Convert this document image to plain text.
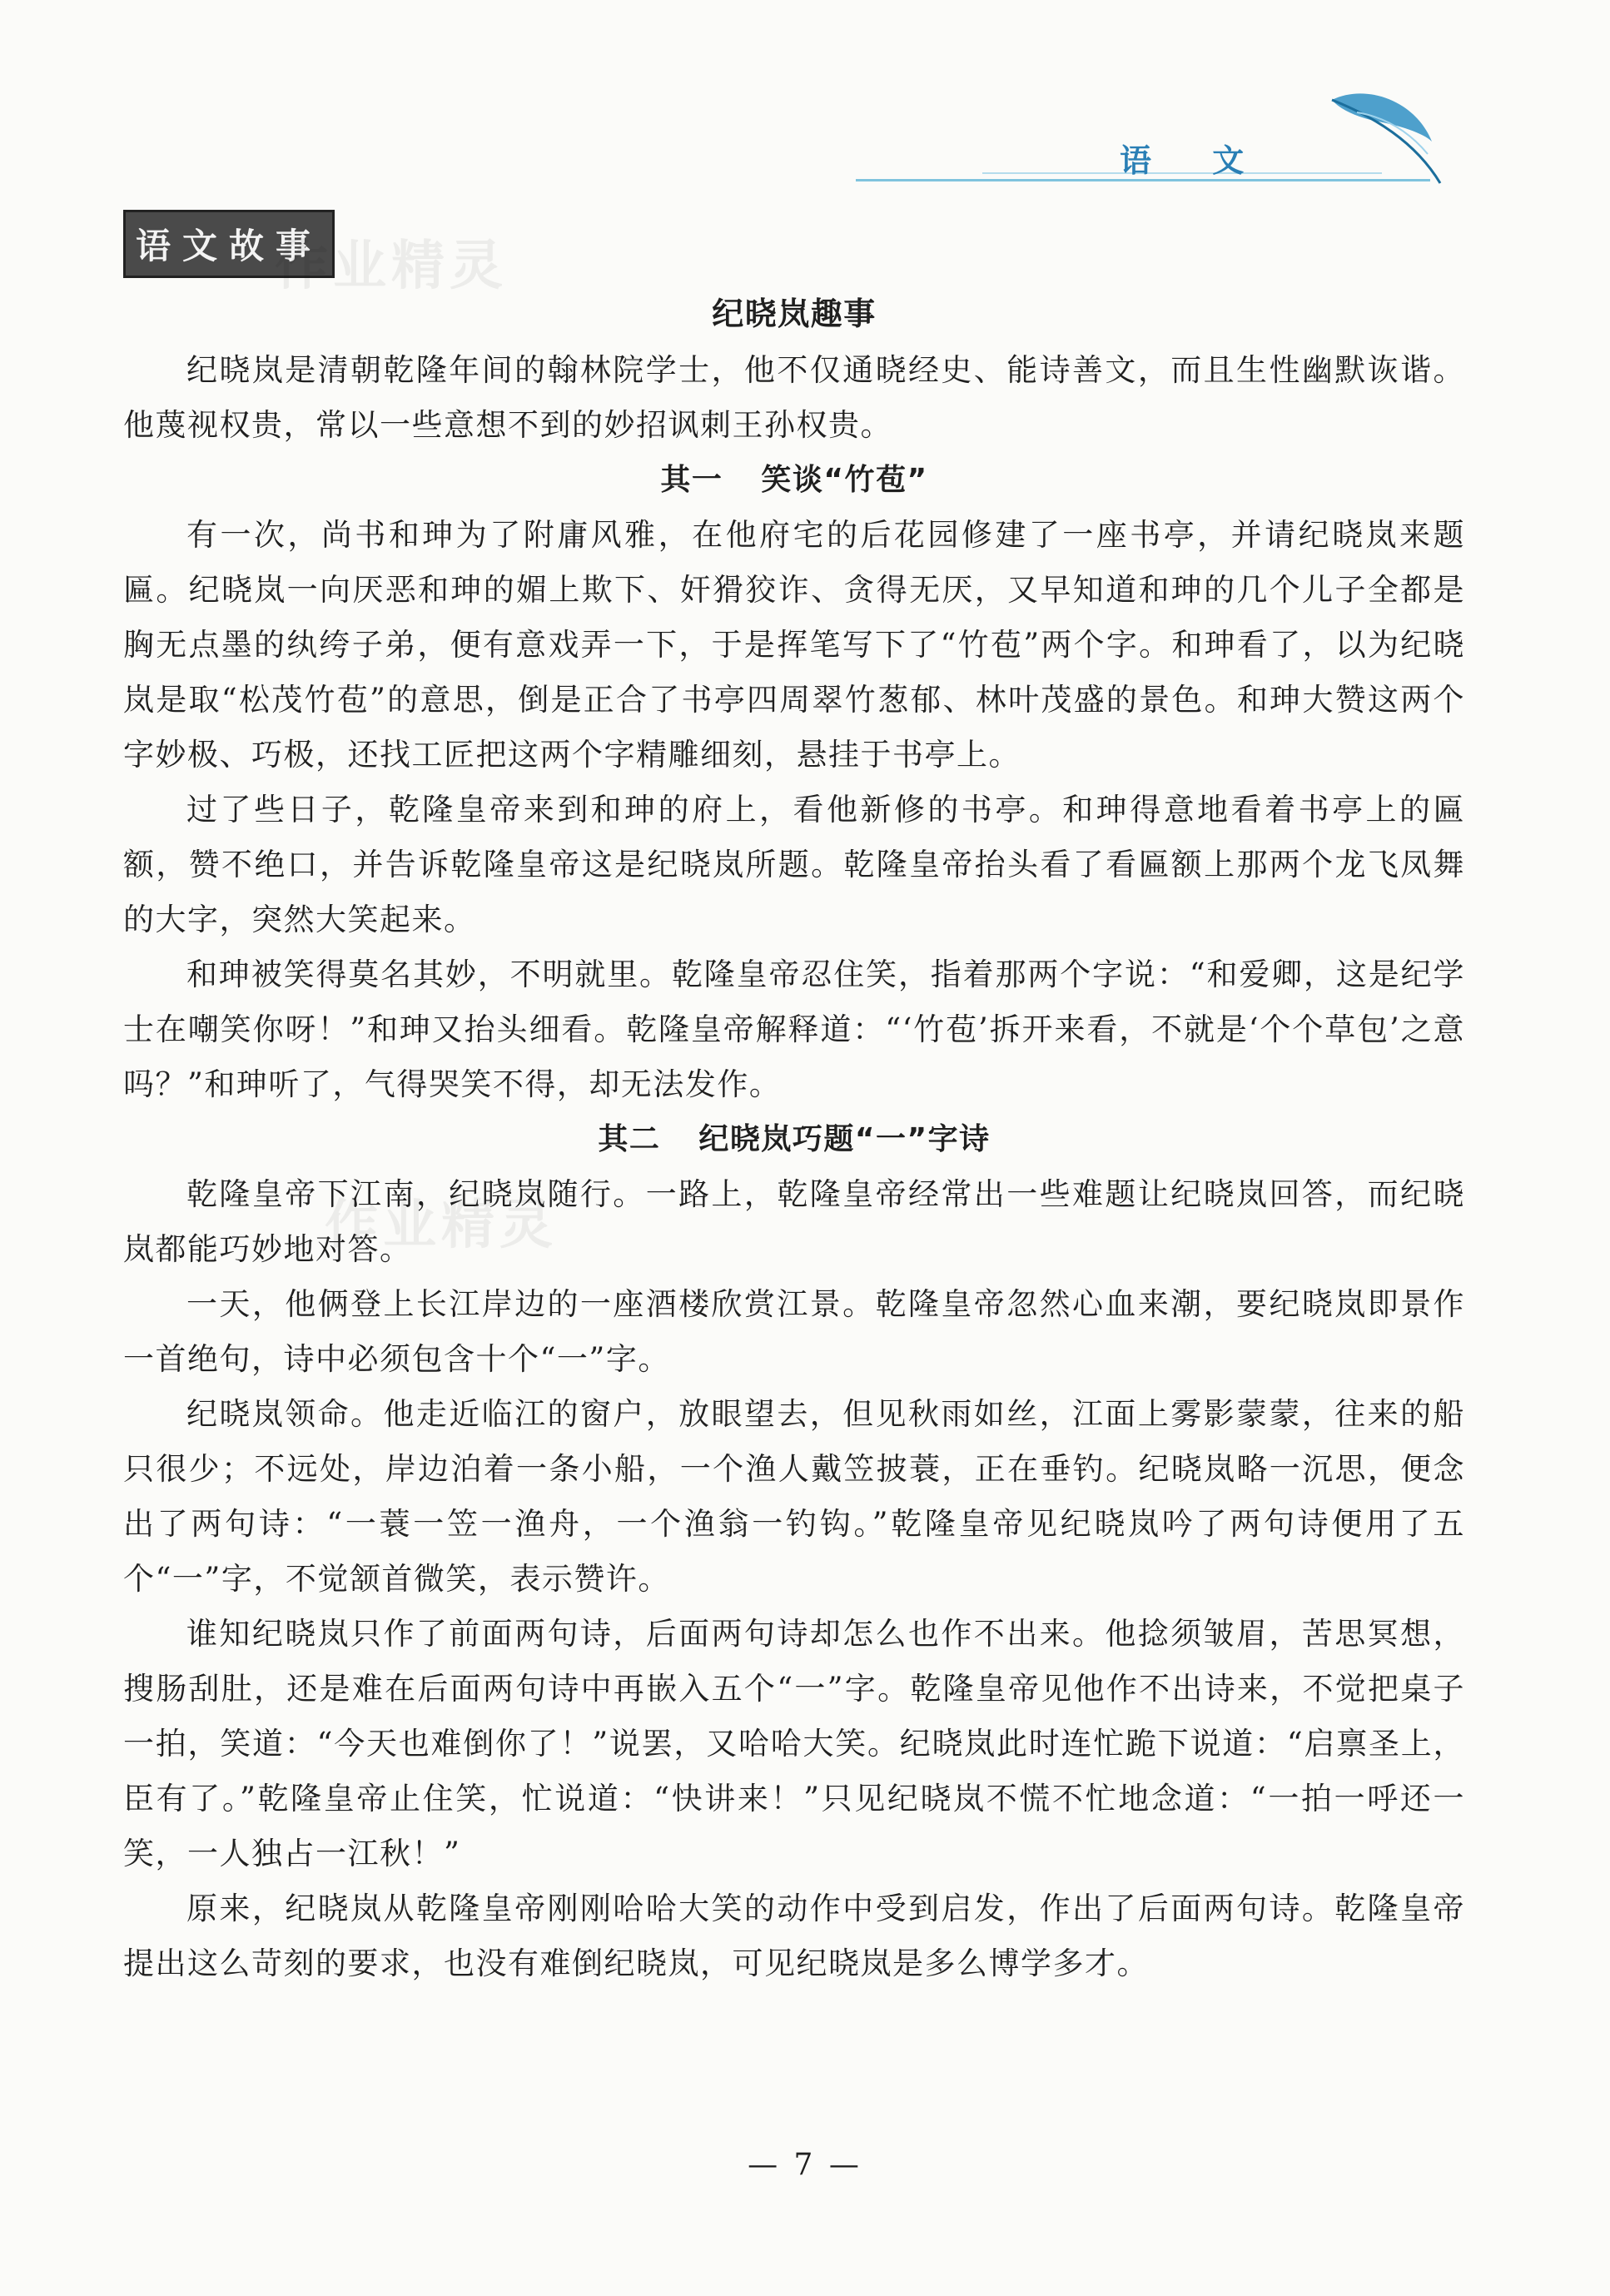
语 文
语文故事
作业精灵
作业精灵
纪晓岚趣事

纪晓岚是清朝乾隆年间的翰林院学士，他不仅通晓经史、能诗善文，而且生性幽默诙谐。他蔑视权贵，常以一些意想不到的妙招讽刺王孙权贵。

其一 笑谈“竹苞”

有一次，尚书和珅为了附庸风雅，在他府宅的后花园修建了一座书亭，并请纪晓岚来题匾。纪晓岚一向厌恶和珅的媚上欺下、奸猾狡诈、贪得无厌，又早知道和珅的几个儿子全都是胸无点墨的纨绔子弟，便有意戏弄一下，于是挥笔写下了“竹苞”两个字。和珅看了，以为纪晓岚是取“松茂竹苞”的意思，倒是正合了书亭四周翠竹葱郁、林叶茂盛的景色。和珅大赞这两个字妙极、巧极，还找工匠把这两个字精雕细刻，悬挂于书亭上。

过了些日子，乾隆皇帝来到和珅的府上，看他新修的书亭。和珅得意地看着书亭上的匾额，赞不绝口，并告诉乾隆皇帝这是纪晓岚所题。乾隆皇帝抬头看了看匾额上那两个龙飞凤舞的大字，突然大笑起来。

和珅被笑得莫名其妙，不明就里。乾隆皇帝忍住笑，指着那两个字说：“和爱卿，这是纪学士在嘲笑你呀！”和珅又抬头细看。乾隆皇帝解释道：“‘竹苞’拆开来看，不就是‘个个草包’之意吗？”和珅听了，气得哭笑不得，却无法发作。

其二 纪晓岚巧题“一”字诗

乾隆皇帝下江南，纪晓岚随行。一路上，乾隆皇帝经常出一些难题让纪晓岚回答，而纪晓岚都能巧妙地对答。

一天，他俩登上长江岸边的一座酒楼欣赏江景。乾隆皇帝忽然心血来潮，要纪晓岚即景作一首绝句，诗中必须包含十个“一”字。

纪晓岚领命。他走近临江的窗户，放眼望去，但见秋雨如丝，江面上雾影蒙蒙，往来的船只很少；不远处，岸边泊着一条小船，一个渔人戴笠披蓑，正在垂钓。纪晓岚略一沉思，便念出了两句诗：“一蓑一笠一渔舟，一个渔翁一钓钩。”乾隆皇帝见纪晓岚吟了两句诗便用了五个“一”字，不觉颔首微笑，表示赞许。

谁知纪晓岚只作了前面两句诗，后面两句诗却怎么也作不出来。他捻须皱眉，苦思冥想，搜肠刮肚，还是难在后面两句诗中再嵌入五个“一”字。乾隆皇帝见他作不出诗来，不觉把桌子一拍，笑道：“今天也难倒你了！”说罢，又哈哈大笑。纪晓岚此时连忙跪下说道：“启禀圣上，臣有了。”乾隆皇帝止住笑，忙说道：“快讲来！”只见纪晓岚不慌不忙地念道：“一拍一呼还一笑，一人独占一江秋！”

原来，纪晓岚从乾隆皇帝刚刚哈哈大笑的动作中受到启发，作出了后面两句诗。乾隆皇帝提出这么苛刻的要求，也没有难倒纪晓岚，可见纪晓岚是多么博学多才。

— 7 —
